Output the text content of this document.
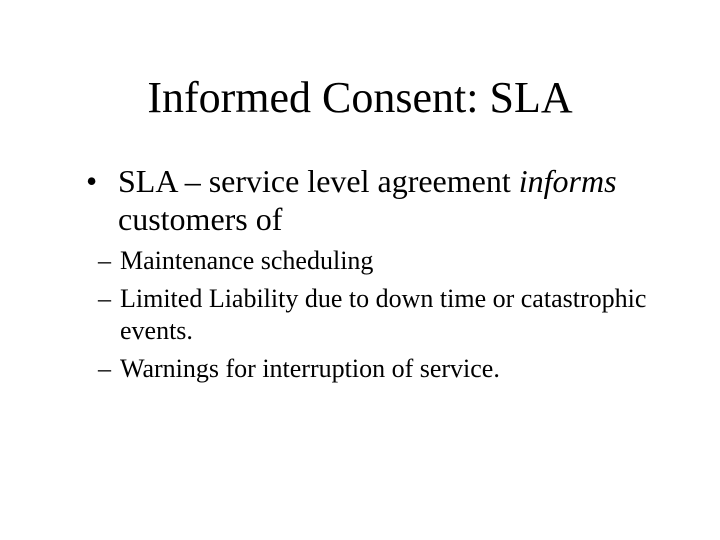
Informed Consent: SLA
• SLA – service level agreement informs customers of
– Maintenance scheduling
– Limited Liability due to down time or catastrophic events.
– Warnings for interruption of service.
